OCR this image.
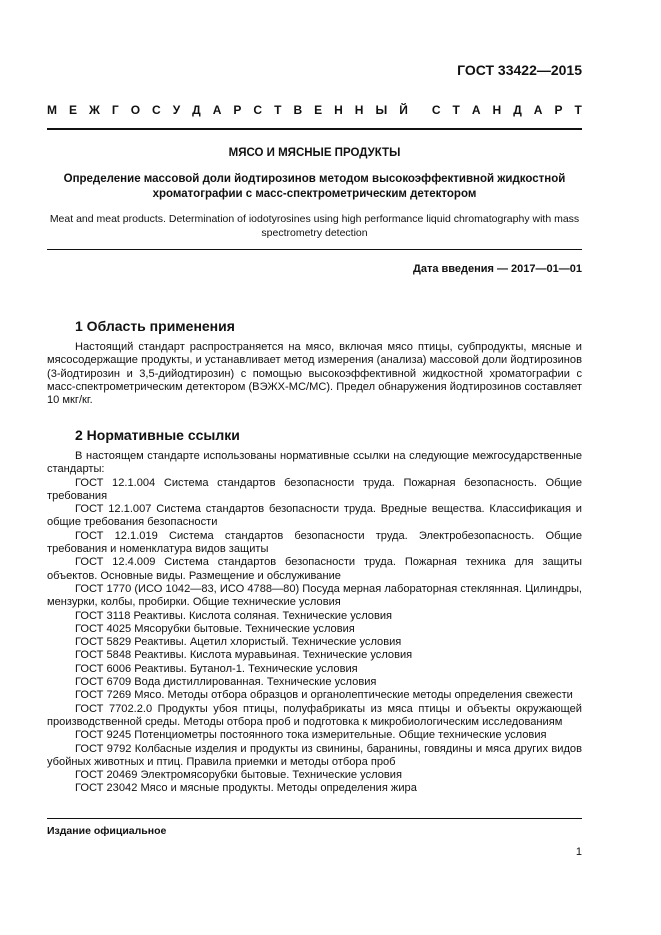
ГОСТ 33422—2015
М Е Ж Г О С У Д А Р С Т В Е Н Н Ы Й С Т А Н Д А Р Т
МЯСО И МЯСНЫЕ ПРОДУКТЫ
Определение массовой доли йодтирозинов методом высокоэффективной жидкостной хроматографии с масс-спектрометрическим детектором
Meat and meat products. Determination of iodotyrosines using high performance liquid chromatography with mass spectrometry detection
Дата введения — 2017—01—01
1 Область применения

Настоящий стандарт распространяется на мясо, включая мясо птицы, субпродукты, мясные и мясосодержащие продукты, и устанавливает метод измерения (анализа) массовой доли йодтирозинов (3-йодтирозин и 3,5-дийодтирозин) с помощью высокоэффективной жидкостной хроматографии с масс-спектрометрическим детектором (ВЭЖХ-МС/МС). Предел обнаружения йодтирозинов составляет 10 мкг/кг.

2 Нормативные ссылки

В настоящем стандарте использованы нормативные ссылки на следующие межгосударственные стандарты:

ГОСТ 12.1.004 Система стандартов безопасности труда. Пожарная безопасность. Общие требования

ГОСТ 12.1.007 Система стандартов безопасности труда. Вредные вещества. Классификация и общие требования безопасности

ГОСТ 12.1.019 Система стандартов безопасности труда. Электробезопасность. Общие требования и номенклатура видов защиты

ГОСТ 12.4.009 Система стандартов безопасности труда. Пожарная техника для защиты объектов. Основные виды. Размещение и обслуживание

ГОСТ 1770 (ИСО 1042—83, ИСО 4788—80) Посуда мерная лабораторная стеклянная. Цилиндры, мензурки, колбы, пробирки. Общие технические условия

ГОСТ 3118 Реактивы. Кислота соляная. Технические условия

ГОСТ 4025 Мясорубки бытовые. Технические условия

ГОСТ 5829 Реактивы. Ацетил хлористый. Технические условия

ГОСТ 5848 Реактивы. Кислота муравьиная. Технические условия

ГОСТ 6006 Реактивы. Бутанол-1. Технические условия

ГОСТ 6709 Вода дистиллированная. Технические условия

ГОСТ 7269 Мясо. Методы отбора образцов и органолептические методы определения свежести

ГОСТ 7702.2.0 Продукты убоя птицы, полуфабрикаты из мяса птицы и объекты окружающей производственной среды. Методы отбора проб и подготовка к микробиологическим исследованиям

ГОСТ 9245 Потенциометры постоянного тока измерительные. Общие технические условия

ГОСТ 9792 Колбасные изделия и продукты из свинины, баранины, говядины и мяса других видов убойных животных и птиц. Правила приемки и методы отбора проб

ГОСТ 20469 Электромясорубки бытовые. Технические условия

ГОСТ 23042 Мясо и мясные продукты. Методы определения жира

Издание официальное
1
